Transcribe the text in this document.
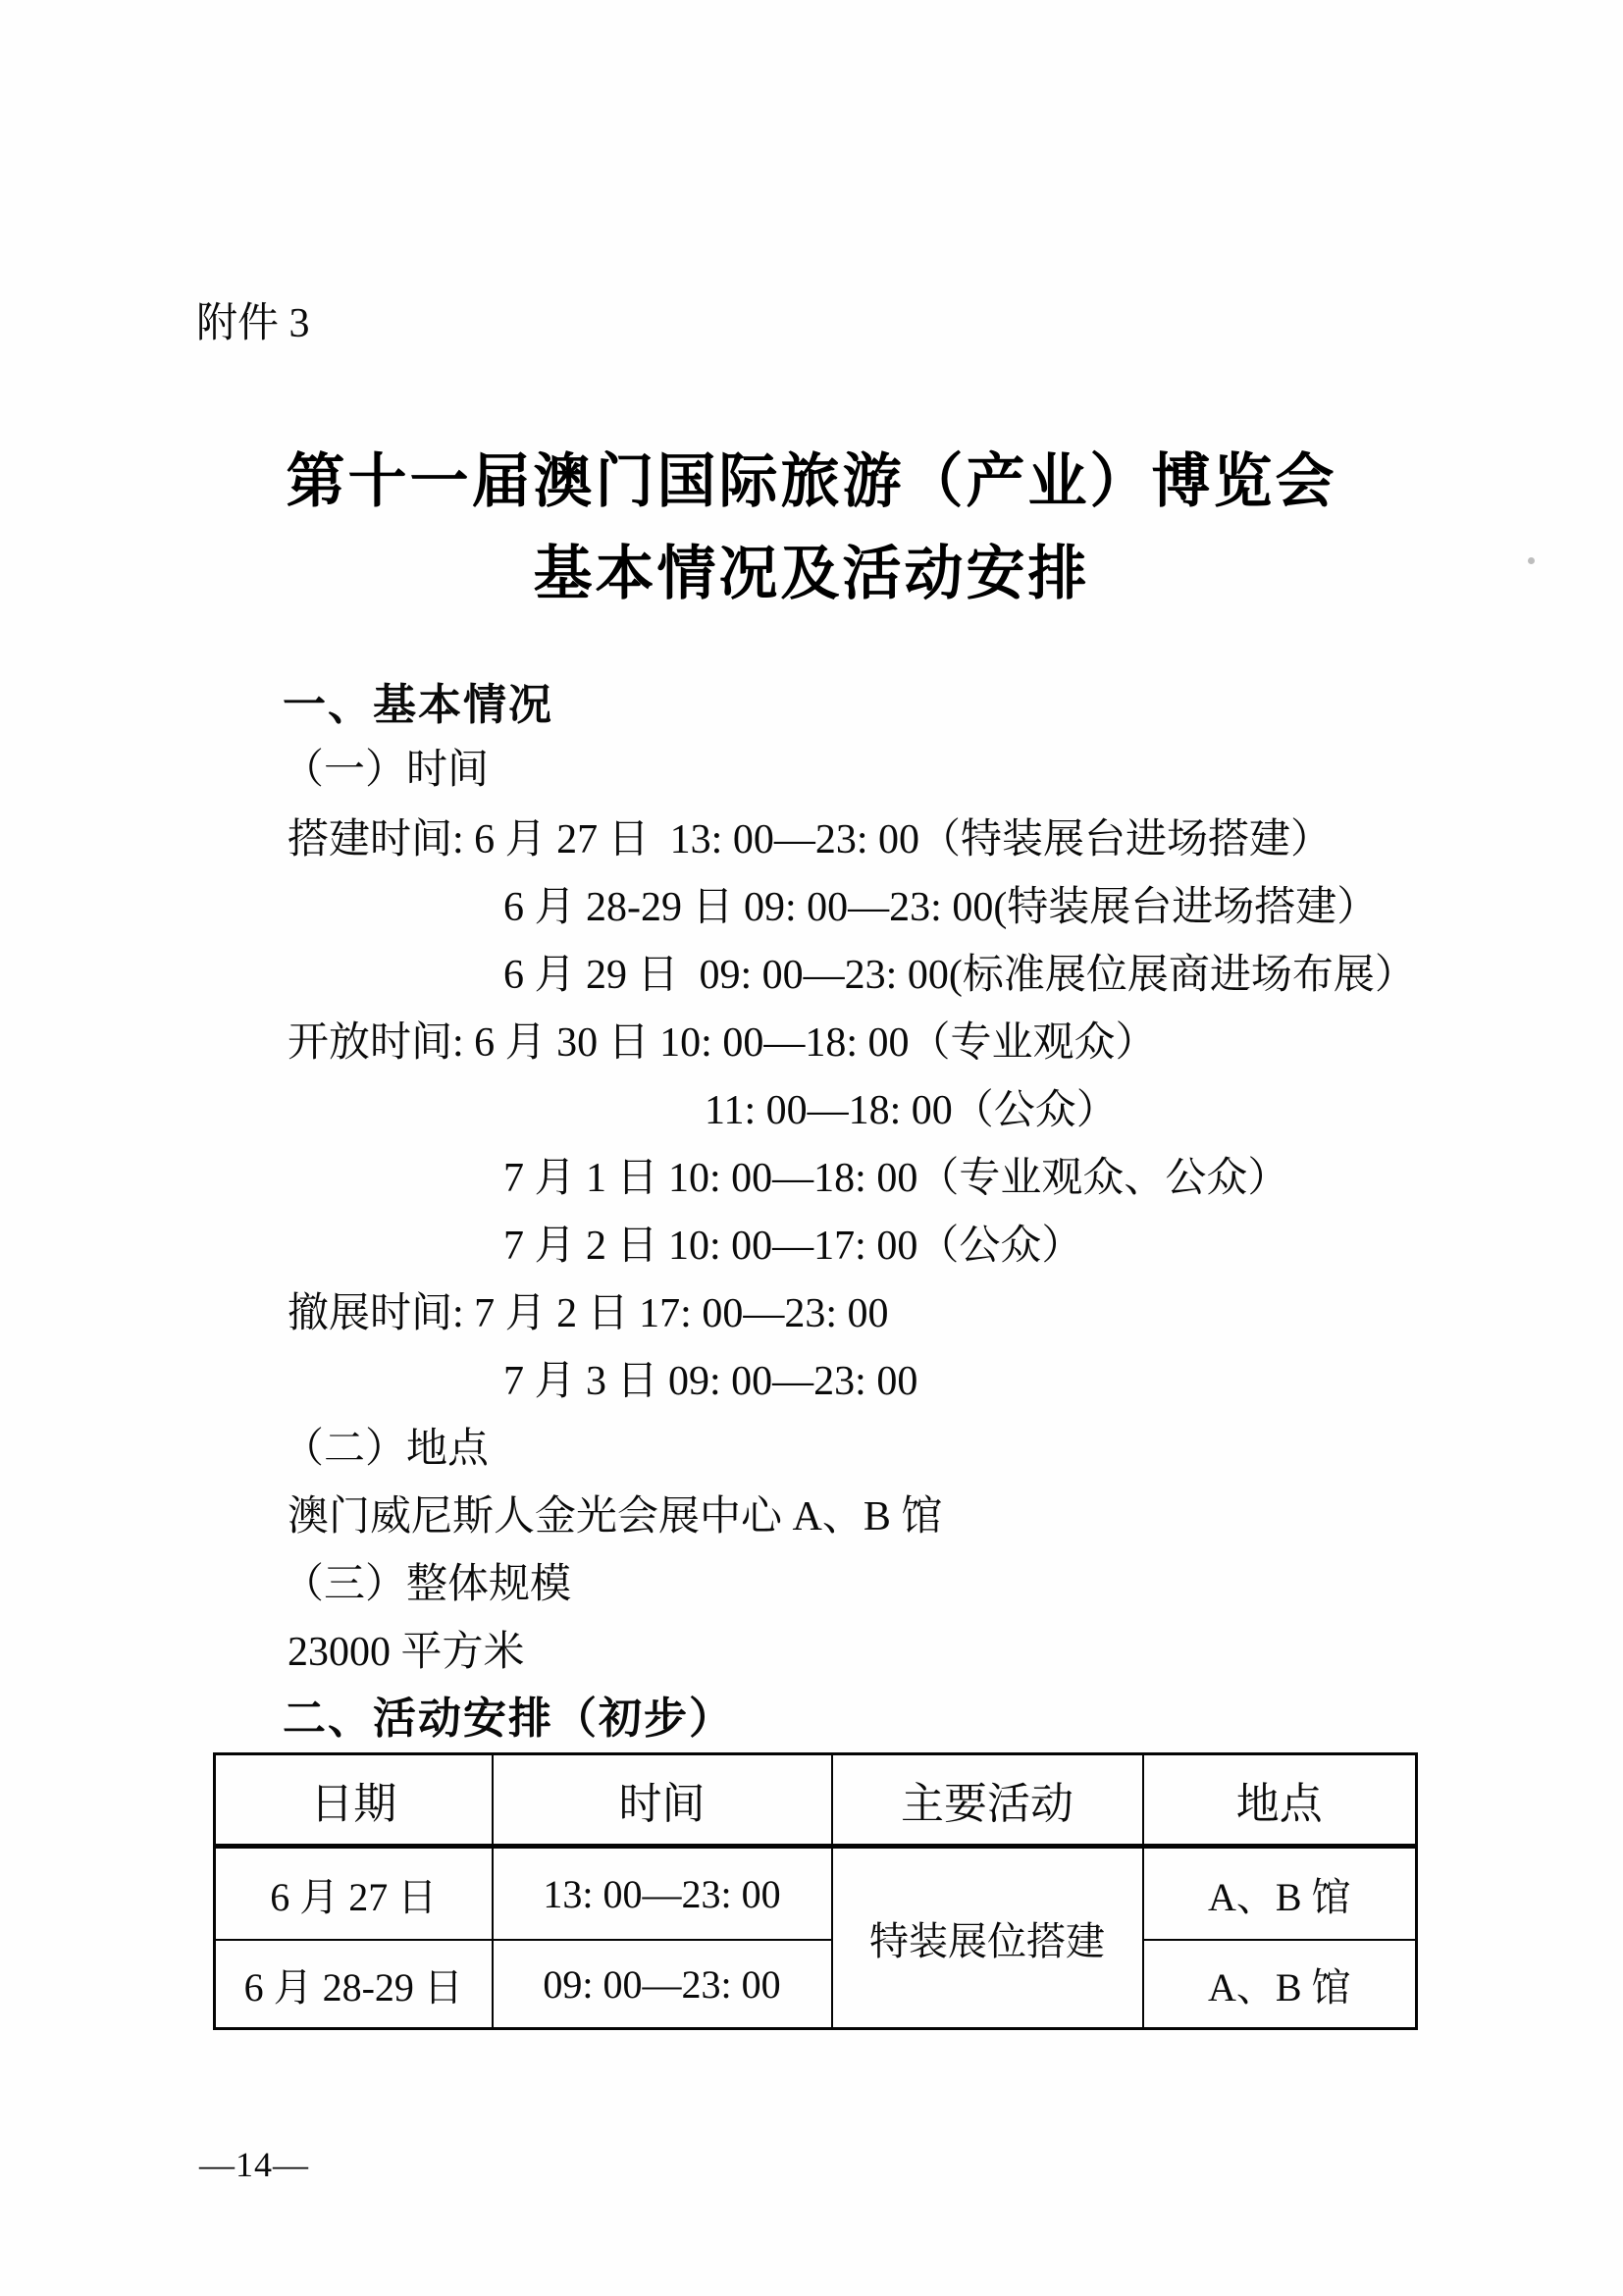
附件 3
第十一届澳门国际旅游（产业）博览会
基本情况及活动安排
一、基本情况
（一）时间
搭建时间: 6 月 27 日  13: 00—23: 00（特装展台进场搭建）
6 月 28-29 日 09: 00—23: 00(特装展台进场搭建）
6 月 29 日  09: 00—23: 00(标准展位展商进场布展）
开放时间: 6 月 30 日 10: 00—18: 00（专业观众）
11: 00—18: 00（公众）
7 月 1 日 10: 00—18: 00（专业观众、公众）
7 月 2 日 10: 00—17: 00（公众）
撤展时间: 7 月 2 日 17: 00—23: 00
7 月 3 日 09: 00—23: 00
（二）地点
澳门威尼斯人金光会展中心 A、B 馆
（三）整体规模
23000 平方米
二、活动安排（初步）
日期	时间	主要活动	地点
6 月 27 日	13: 00—23: 00	特装展位搭建	A、B 馆
6 月 28-29 日	09: 00—23: 00		A、B 馆
—14—
